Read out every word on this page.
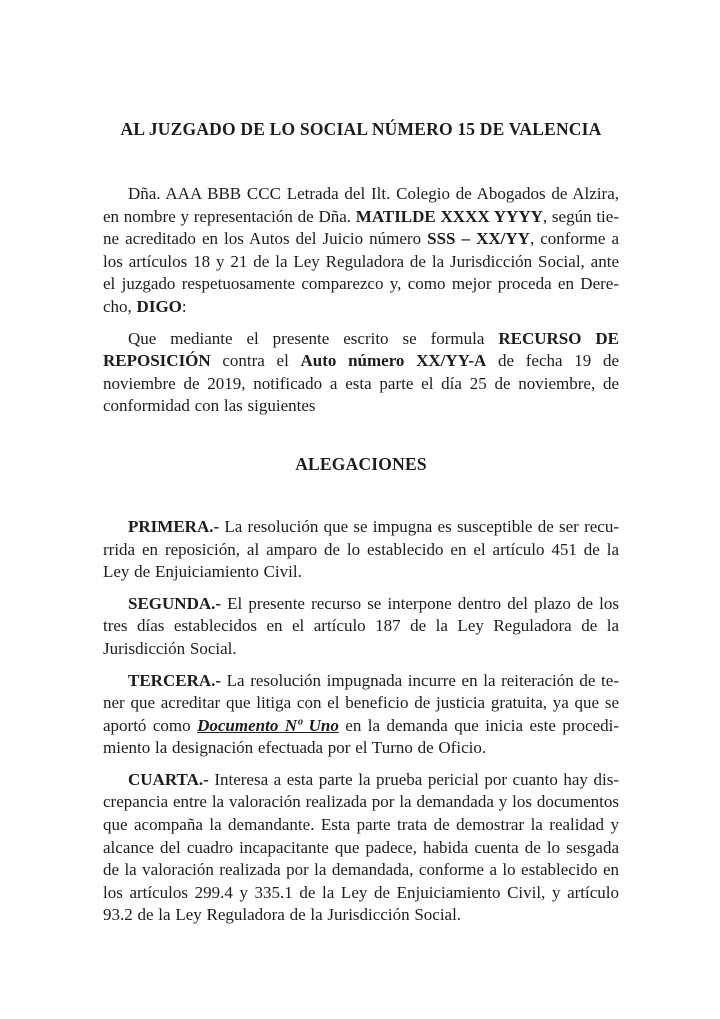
AL JUZGADO DE LO SOCIAL NÚMERO 15 DE VALENCIA

Dña. AAA BBB CCC Letrada del Ilt. Colegio de Abogados de Alzira, en nombre y representación de Dña. MATILDE XXXX YYYY, según tiene acreditado en los Autos del Juicio número SSS – XX/YY, conforme a los artículos 18 y 21 de la Ley Reguladora de la Jurisdicción Social, ante el juzgado respetuosamente comparezco y, como mejor proceda en Derecho, DIGO:

Que mediante el presente escrito se formula RECURSO DE REPOSICIÓN contra el Auto número XX/YY-A de fecha 19 de noviembre de 2019, notificado a esta parte el día 25 de noviembre, de conformidad con las siguientes

ALEGACIONES

PRIMERA.- La resolución que se impugna es susceptible de ser recurrida en reposición, al amparo de lo establecido en el artículo 451 de la Ley de Enjuiciamiento Civil.

SEGUNDA.- El presente recurso se interpone dentro del plazo de los tres días establecidos en el artículo 187 de la Ley Reguladora de la Jurisdicción Social.

TERCERA.- La resolución impugnada incurre en la reiteración de tener que acreditar que litiga con el beneficio de justicia gratuita, ya que se aportó como Documento Nº Uno en la demanda que inicia este procedimiento la designación efectuada por el Turno de Oficio.

CUARTA.- Interesa a esta parte la prueba pericial por cuanto hay discrepancia entre la valoración realizada por la demandada y los documentos que acompaña la demandante. Esta parte trata de demostrar la realidad y alcance del cuadro incapacitante que padece, habida cuenta de lo sesgada de la valoración realizada por la demandada, conforme a lo establecido en los artículos 299.4 y 335.1 de la Ley de Enjuiciamiento Civil, y artículo 93.2 de la Ley Reguladora de la Jurisdicción Social.
